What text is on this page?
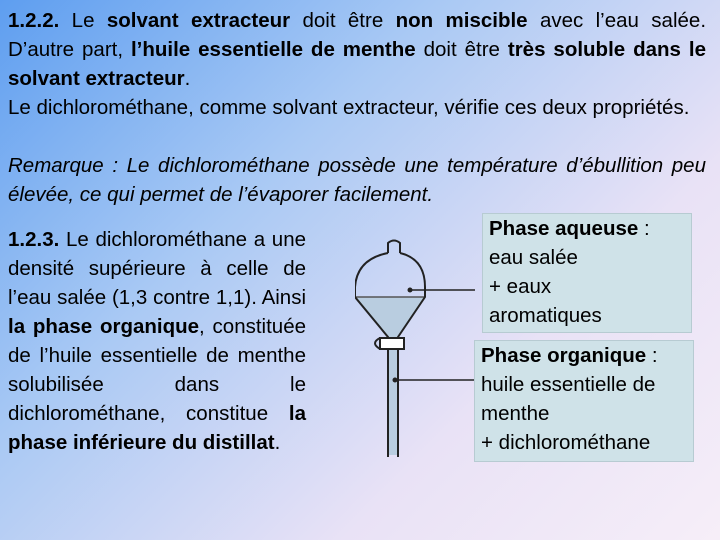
1.2.2. Le solvant extracteur doit être non miscible avec l’eau salée. D’autre part, l’huile essentielle de menthe doit être très soluble dans le solvant extracteur.
Le dichlorométhane, comme solvant extracteur, vérifie ces deux propriétés.
Remarque : Le dichlorométhane possède une température d’ébullition peu élevée, ce qui permet de l’évaporer facilement.
1.2.3. Le dichlorométhane a une densité supérieure à celle de l’eau salée (1,3 contre 1,1). Ainsi la phase organique, constituée de l’huile essentielle de menthe solubilisée dans le dichlorométhane, constitue la phase inférieure du distillat.
Phase aqueuse :
eau salée
+ eaux
aromatiques
Phase organique :
huile essentielle de
menthe
+ dichlorométhane
